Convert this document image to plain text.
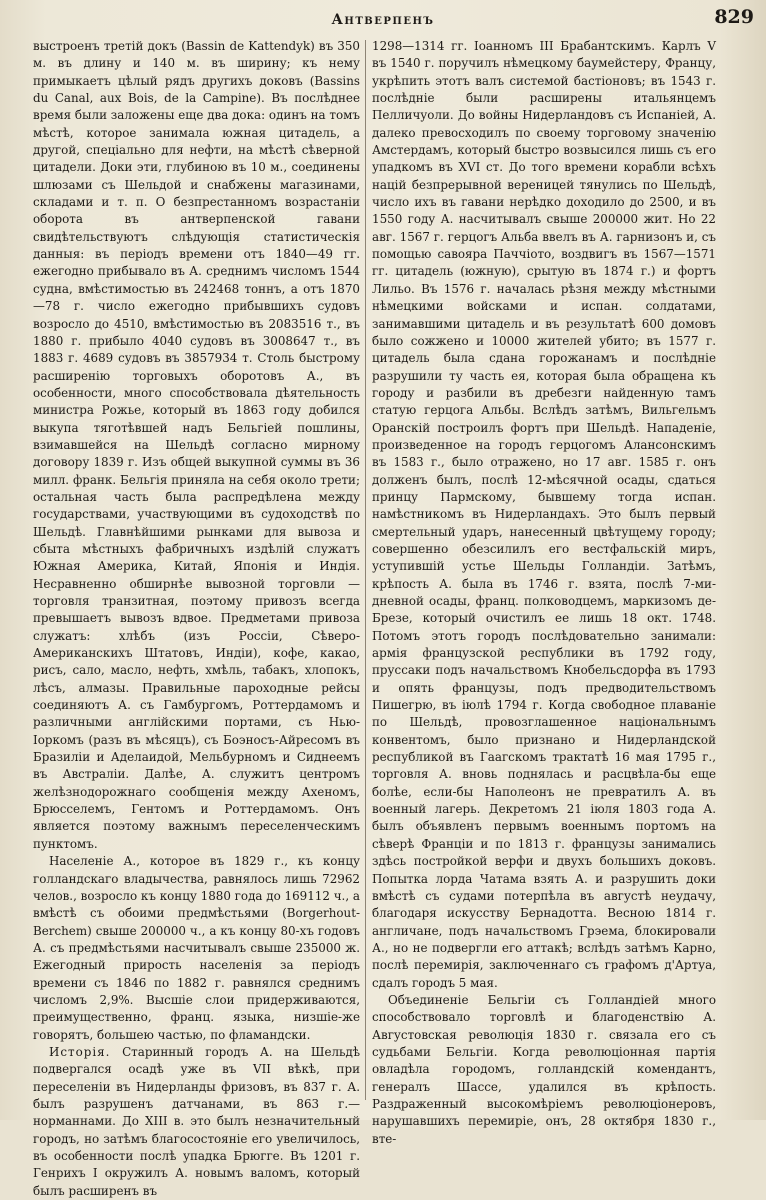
Антверпенъ	829

выстроенъ третій докъ (Bassin de Kattendyk) въ 350 м. въ длину и 140 м. въ ширину; къ нему примыкаетъ цѣлый рядъ другихъ доковъ (Bassins du Canal, aux Bois, de la Campine). Въ послѣднее время были заложены еще два дока: одинъ на томъ мѣстѣ, которое занимала южная цитадель, а другой, спеціально для нефти, на мѣстѣ сѣверной цитадели. Доки эти, глубиною въ 10 м., соединены шлюзами съ Шельдой и снабжены магазинами, складами и т. п. О безпрестанномъ возрастаніи оборота въ антверпенской гавани свидѣтельствуютъ слѣдующія статистическія данныя: въ періодъ времени отъ 1840—49 гг. ежегодно прибывало въ А. среднимъ числомъ 1544 судна, вмѣстимостью въ 242468 тоннъ, а отъ 1870—78 г. число ежегодно прибывшихъ судовъ возросло до 4510, вмѣстимостью въ 2083516 т., въ 1880 г. прибыло 4040 судовъ въ 3008647 т., въ 1883 г. 4689 судовъ въ 3857934 т. Столь быстрому расширенію торговыхъ оборотовъ А., въ особенности, много способствовала дѣятельность министра Рожье, который въ 1863 году добился выкупа тяготѣвшей надъ Бельгіей пошлины, взимавшейся на Шельдѣ согласно мирному договору 1839 г. Изъ общей выкупной суммы въ 36 милл. франк. Бельгія приняла на себя около трети; остальная часть была распредѣлена между государствами, участвующими въ судоходствѣ по Шельдѣ. Главнѣйшими рынками для вывоза и сбыта мѣстныхъ фабричныхъ издѣлій служатъ Южная Америка, Китай, Японія и Индія. Несравненно обширнѣе вывозной торговли — торговля транзитная, поэтому привозъ всегда превышаетъ вывозъ вдвое. Предметами привоза служатъ: хлѣбъ (изъ Россіи, Сѣверо-Американскихъ Штатовъ, Индіи), кофе, какао, рисъ, сало, масло, нефть, хмѣль, табакъ, хлопокъ, лѣсъ, алмазы. Правильные пароходные рейсы соединяютъ А. съ Гамбургомъ, Роттердамомъ и различными англійскими портами, съ Нью-Іоркомъ (разъ въ мѣсяцъ), съ Боэносъ-Айресомъ въ Бразиліи и Аделаидой, Мельбурномъ и Сиднеемъ въ Австраліи. Далѣе, А. служитъ центромъ желѣзнодорожнаго сообщенія между Ахеномъ, Брюсселемъ, Гентомъ и Роттердамомъ. Онъ является поэтому важнымъ переселенческимъ пунктомъ.

Населеніе А., которое въ 1829 г., къ концу голландскаго владычества, равнялось лишь 72962 челов., возросло къ концу 1880 года до 169112 ч., а вмѣстѣ съ обоими предмѣстьями (Borgerhout-Berchem) свыше 200000 ч., а къ концу 80-хъ годовъ А. съ предмѣстьями насчитывалъ свыше 235000 ж. Ежегодный прирость населенія за періодъ времени съ 1846 по 1882 г. равнялся среднимъ числомъ 2,9%. Высшіе слои придерживаются, преимущественно, франц. языка, низшіе-же говорятъ, большею частью, по фламандски.

Исторія. Старинный городъ А. на Шельдѣ подвергался осадѣ уже въ VII вѣкѣ, при переселеніи въ Нидерланды фризовъ, въ 837 г. А. былъ разрушенъ датчанами, въ 863 г.— норманнами. До XIII в. это былъ незначительный городъ, но затѣмъ благосостояніе его увеличилось, въ особенности послѣ упадка Брюгге. Въ 1201 г. Генрихъ I окружилъ А. новымъ валомъ, который былъ расширенъ въ

1298—1314 гг. Іоанномъ III Брабантскимъ. Карлъ V въ 1540 г. поручилъ нѣмецкому баумейстеру, Францу, укрѣпить этотъ валъ системой бастіоновъ; въ 1543 г. послѣдніе были расширены итальянцемъ Пелличуоли. До войны Нидерландовъ съ Испаніей, А. далеко превосходилъ по своему торговому значенію Амстердамъ, который быстро возвысился лишь съ его упадкомъ въ XVI ст. До того времени корабли всѣхъ націй безпрерывной вереницей тянулись по Шельдѣ, число ихъ въ гавани нерѣдко доходило до 2500, и въ 1550 году А. насчитывалъ свыше 200000 жит. Но 22 авг. 1567 г. герцогъ Альба ввелъ въ А. гарнизонъ и, съ помощью савояра Паччіото, воздвигъ въ 1567—1571 гг. цитадель (южную), срытую въ 1874 г.) и фортъ Лильо. Въ 1576 г. началась рѣзня между мѣстными нѣмецкими войсками и испан. солдатами, занимавшими цитадель и въ результатѣ 600 домовъ было сожжено и 10000 жителей убито; въ 1577 г. цитадель была сдана горожанамъ и послѣдніе разрушили ту часть ея, которая была обращена къ городу и разбили въ дребезги найденную тамъ статую герцога Альбы. Вслѣдъ затѣмъ, Вильгельмъ Оранскій построилъ фортъ при Шельдѣ. Нападеніе, произведенное на городъ герцогомъ Алансонскимъ въ 1583 г., было отражено, но 17 авг. 1585 г. онъ долженъ былъ, послѣ 12-мѣсячной осады, сдаться принцу Пармскому, бывшему тогда испан. намѣстникомъ въ Нидерландахъ. Это былъ первый смертельный ударъ, нанесенный цвѣтущему городу; совершенно обезсилилъ его вестфальскій миръ, уступившій устье Шельды Голландіи. Затѣмъ, крѣпость А. была въ 1746 г. взята, послѣ 7-ми-дневной осады, франц. полководцемъ, маркизомъ де-Брезе, который очистилъ ее лишь 18 окт. 1748. Потомъ этотъ городъ послѣдовательно занимали: армія французской республики въ 1792 году, пруссаки подъ начальствомъ Кнобельсдорфа въ 1793 и опять французы, подъ предводительствомъ Пишегрю, въ іюлѣ 1794 г. Когда свободное плаваніе по Шельдѣ, провозглашенное національнымъ конвентомъ, было признано и Нидерландской республикой въ Гаагскомъ трактатѣ 16 мая 1795 г., торговля А. вновь поднялась и расцвѣла-бы еще болѣе, если-бы Наполеонъ не превратилъ А. въ военный лагерь. Декретомъ 21 іюля 1803 года А. былъ объявленъ первымъ военнымъ портомъ на сѣверѣ Франціи и по 1813 г. французы занимались здѣсь постройкой верфи и двухъ большихъ доковъ. Попытка лорда Чатама взять А. и разрушить доки вмѣстѣ съ судами потерпѣла въ августѣ неудачу, благодаря искусству Бернадотта. Весною 1814 г. англичане, подъ начальствомъ Грэема, блокировали А., но не подвергли его аттакѣ; вслѣдъ затѣмъ Карно, послѣ перемирія, заключеннаго съ графомъ д'Артуа, сдалъ городъ 5 мая.

Объединеніе Бельгіи съ Голландіей много способствовало торговлѣ и благоденствію А. Августовская революція 1830 г. связала его съ судьбами Бельгіи. Когда революціонная партія овладѣла городомъ, голландскій комендантъ, генералъ Шассе, удалился въ крѣпость. Раздраженный высокомѣріемъ революціонеровъ, нарушавшихъ перемиріе, онъ, 28 октября 1830 г., вте-
